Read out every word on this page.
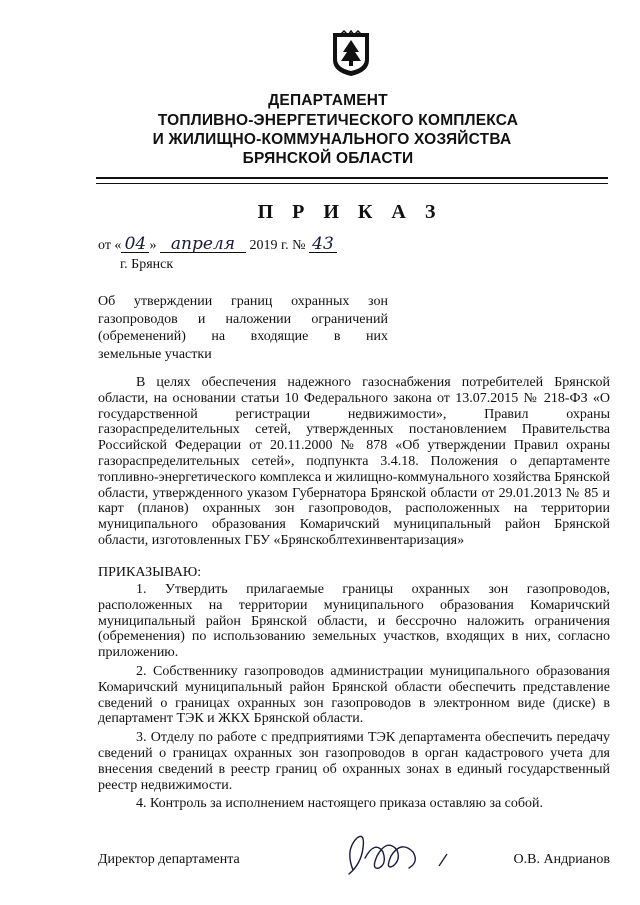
ДЕПАРТАМЕНТ
ТОПЛИВНО-ЭНЕРГЕТИЧЕСКОГО КОМПЛЕКСА
И ЖИЛИЩНО-КОММУНАЛЬНОГО ХОЗЯЙСТВА
БРЯНСКОЙ ОБЛАСТИ
П Р И К А З
от « 04 » апреля 2019 г. № 43
г. Брянск
Об утверждении границ охранных зон
газопроводов и наложении ограничений
(обременений) на входящие в них
земельные участки
В целях обеспечения надежного газоснабжения потребителей Брянской области, на основании статьи 10 Федерального закона от 13.07.2015 № 218-ФЗ «О государственной регистрации недвижимости», Правил охраны газораспределительных сетей, утвержденных постановлением Правительства Российской Федерации от 20.11.2000 № 878 «Об утверждении Правил охраны газораспределительных сетей», подпункта 3.4.18. Положения о департаменте топливно-энергетического комплекса и жилищно-коммунального хозяйства Брянской области, утвержденного указом Губернатора Брянской области от 29.01.2013 № 85 и карт (планов) охранных зон газопроводов, расположенных на территории муниципального образования Комаричский муниципальный район Брянской области, изготовленных ГБУ «Брянскоблтехинвентаризация»
ПРИКАЗЫВАЮ:

1. Утвердить прилагаемые границы охранных зон газопроводов, расположенных на территории муниципального образования Комаричский муниципальный район Брянской области, и бессрочно наложить ограничения (обременения) по использованию земельных участков, входящих в них, согласно приложению.

2. Собственнику газопроводов администрации муниципального образования Комаричский муниципальный район Брянской области обеспечить представление сведений о границах охранных зон газопроводов в электронном виде (диске) в департамент ТЭК и ЖКХ Брянской области.

3. Отделу по работе с предприятиями ТЭК департамента обеспечить передачу сведений о границах охранных зон газопроводов в орган кадастрового учета для внесения сведений в реестр границ об охранных зонах в единый государственный реестр недвижимости.

4. Контроль за исполнением настоящего приказа оставляю за собой.

Директор департамента	О.В. Андрианов
